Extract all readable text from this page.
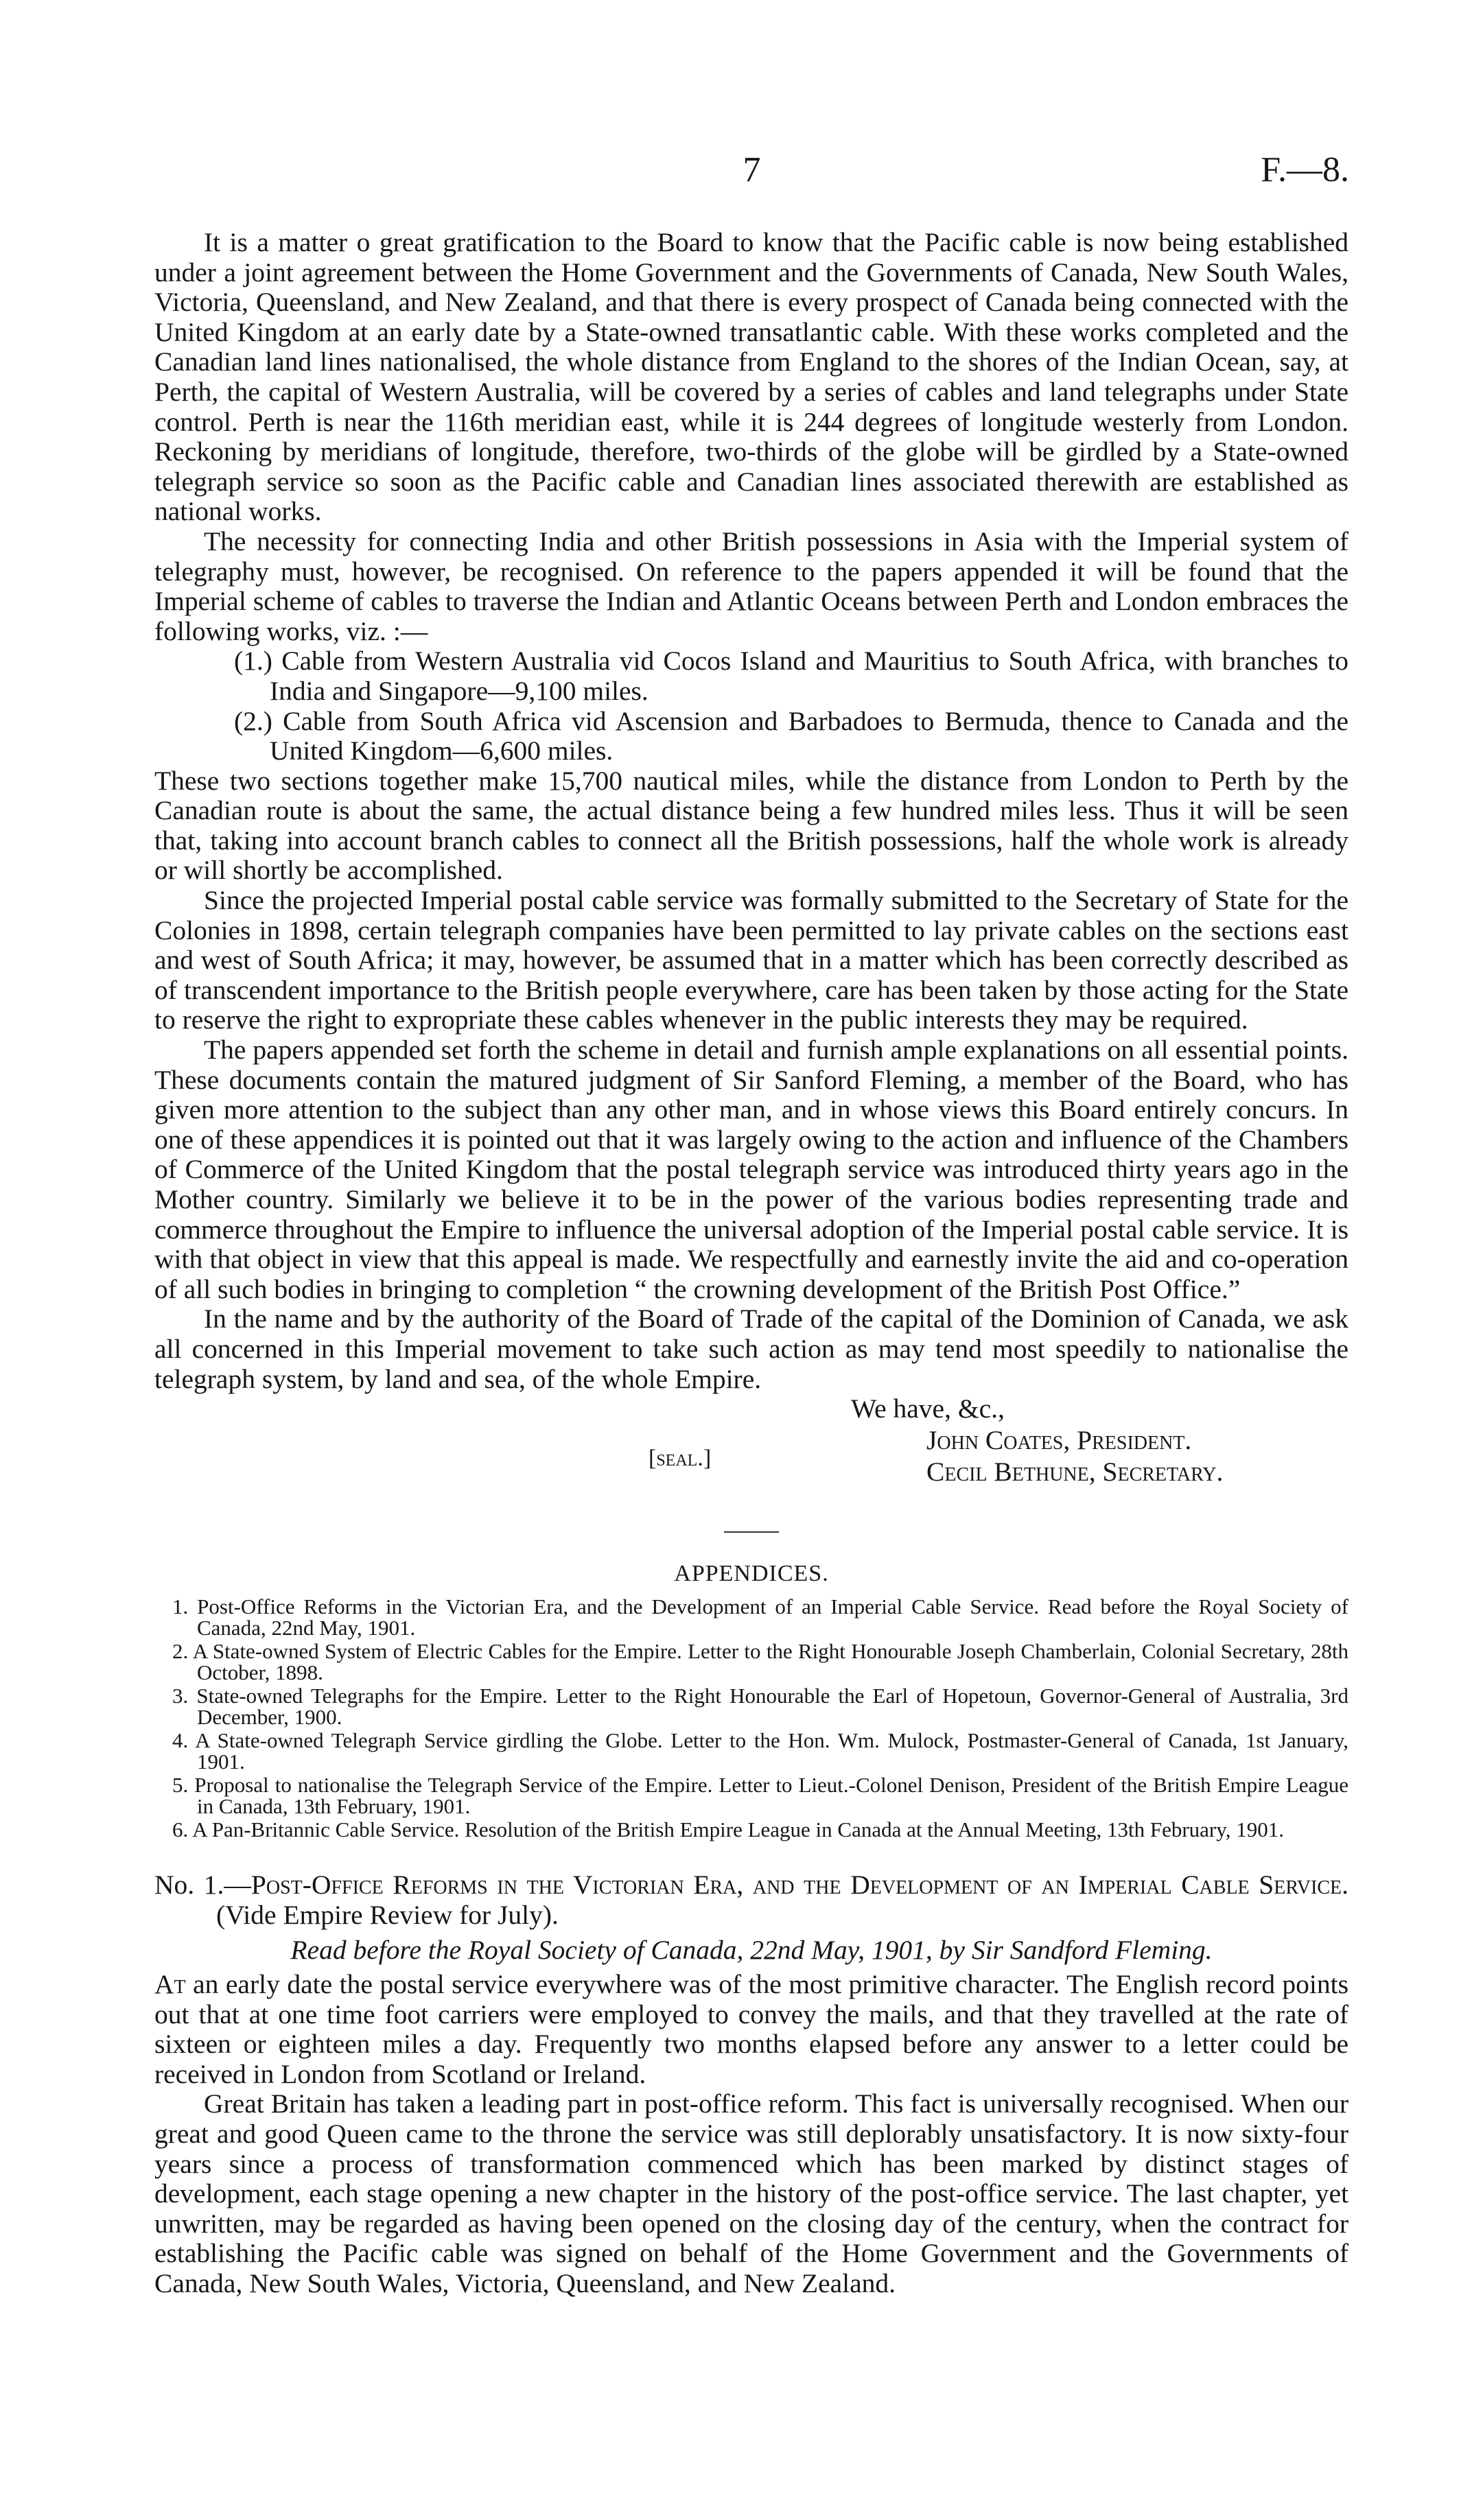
7	F.—8.

It is a matter o great gratification to the Board to know that the Pacific cable is now being established under a joint agreement between the Home Government and the Governments of Canada, New South Wales, Victoria, Queensland, and New Zealand, and that there is every prospect of Canada being connected with the United Kingdom at an early date by a State-owned transatlantic cable. With these works completed and the Canadian land lines nationalised, the whole distance from England to the shores of the Indian Ocean, say, at Perth, the capital of Western Australia, will be covered by a series of cables and land telegraphs under State control. Perth is near the 116th meridian east, while it is 244 degrees of longitude westerly from London. Reckoning by meridians of longitude, therefore, two-thirds of the globe will be girdled by a State-owned telegraph service so soon as the Pacific cable and Canadian lines associated therewith are established as national works.

The necessity for connecting India and other British possessions in Asia with the Imperial system of telegraphy must, however, be recognised. On reference to the papers appended it will be found that the Imperial scheme of cables to traverse the Indian and Atlantic Oceans between Perth and London embraces the following works, viz. :—

(1.) Cable from Western Australia vid Cocos Island and Mauritius to South Africa, with branches to India and Singapore—9,100 miles.

(2.) Cable from South Africa vid Ascension and Barbadoes to Bermuda, thence to Canada and the United Kingdom—6,600 miles.

These two sections together make 15,700 nautical miles, while the distance from London to Perth by the Canadian route is about the same, the actual distance being a few hundred miles less. Thus it will be seen that, taking into account branch cables to connect all the British possessions, half the whole work is already or will shortly be accomplished.

Since the projected Imperial postal cable service was formally submitted to the Secretary of State for the Colonies in 1898, certain telegraph companies have been permitted to lay private cables on the sections east and west of South Africa; it may, however, be assumed that in a matter which has been correctly described as of transcendent importance to the British people everywhere, care has been taken by those acting for the State to reserve the right to expropriate these cables whenever in the public interests they may be required.

The papers appended set forth the scheme in detail and furnish ample explanations on all essential points. These documents contain the matured judgment of Sir Sanford Fleming, a member of the Board, who has given more attention to the subject than any other man, and in whose views this Board entirely concurs. In one of these appendices it is pointed out that it was largely owing to the action and influence of the Chambers of Commerce of the United Kingdom that the postal telegraph service was introduced thirty years ago in the Mother country. Similarly we believe it to be in the power of the various bodies representing trade and commerce throughout the Empire to influence the universal adoption of the Imperial postal cable service. It is with that object in view that this appeal is made. We respectfully and earnestly invite the aid and co-operation of all such bodies in bringing to completion “ the crowning development of the British Post Office.”

In the name and by the authority of the Board of Trade of the capital of the Dominion of Canada, we ask all concerned in this Imperial movement to take such action as may tend most speedily to nationalise the telegraph system, by land and sea, of the whole Empire.

We have, &c.,
[seal.]
John Coates, President.
Cecil Bethune, Secretary.
APPENDICES.

1. Post-Office Reforms in the Victorian Era, and the Development of an Imperial Cable Service. Read before the Royal Society of Canada, 22nd May, 1901.

2. A State-owned System of Electric Cables for the Empire. Letter to the Right Honourable Joseph Chamberlain, Colonial Secretary, 28th October, 1898.

3. State-owned Telegraphs for the Empire. Letter to the Right Honourable the Earl of Hopetoun, Governor-General of Australia, 3rd December, 1900.

4. A State-owned Telegraph Service girdling the Globe. Letter to the Hon. Wm. Mulock, Postmaster-General of Canada, 1st January, 1901.

5. Proposal to nationalise the Telegraph Service of the Empire. Letter to Lieut.-Colonel Denison, President of the British Empire League in Canada, 13th February, 1901.

6. A Pan-Britannic Cable Service. Resolution of the British Empire League in Canada at the Annual Meeting, 13th February, 1901.

No. 1.—Post-Office Reforms in the Victorian Era, and the Development of an Imperial Cable Service. (Vide Empire Review for July).

Read before the Royal Society of Canada, 22nd May, 1901, by Sir Sandford Fleming.

At an early date the postal service everywhere was of the most primitive character. The English record points out that at one time foot carriers were employed to convey the mails, and that they travelled at the rate of sixteen or eighteen miles a day. Frequently two months elapsed before any answer to a letter could be received in London from Scotland or Ireland.

Great Britain has taken a leading part in post-office reform. This fact is universally recognised. When our great and good Queen came to the throne the service was still deplorably unsatisfactory. It is now sixty-four years since a process of transformation commenced which has been marked by distinct stages of development, each stage opening a new chapter in the history of the post-office service. The last chapter, yet unwritten, may be regarded as having been opened on the closing day of the century, when the contract for establishing the Pacific cable was signed on behalf of the Home Government and the Governments of Canada, New South Wales, Victoria, Queensland, and New Zealand.
